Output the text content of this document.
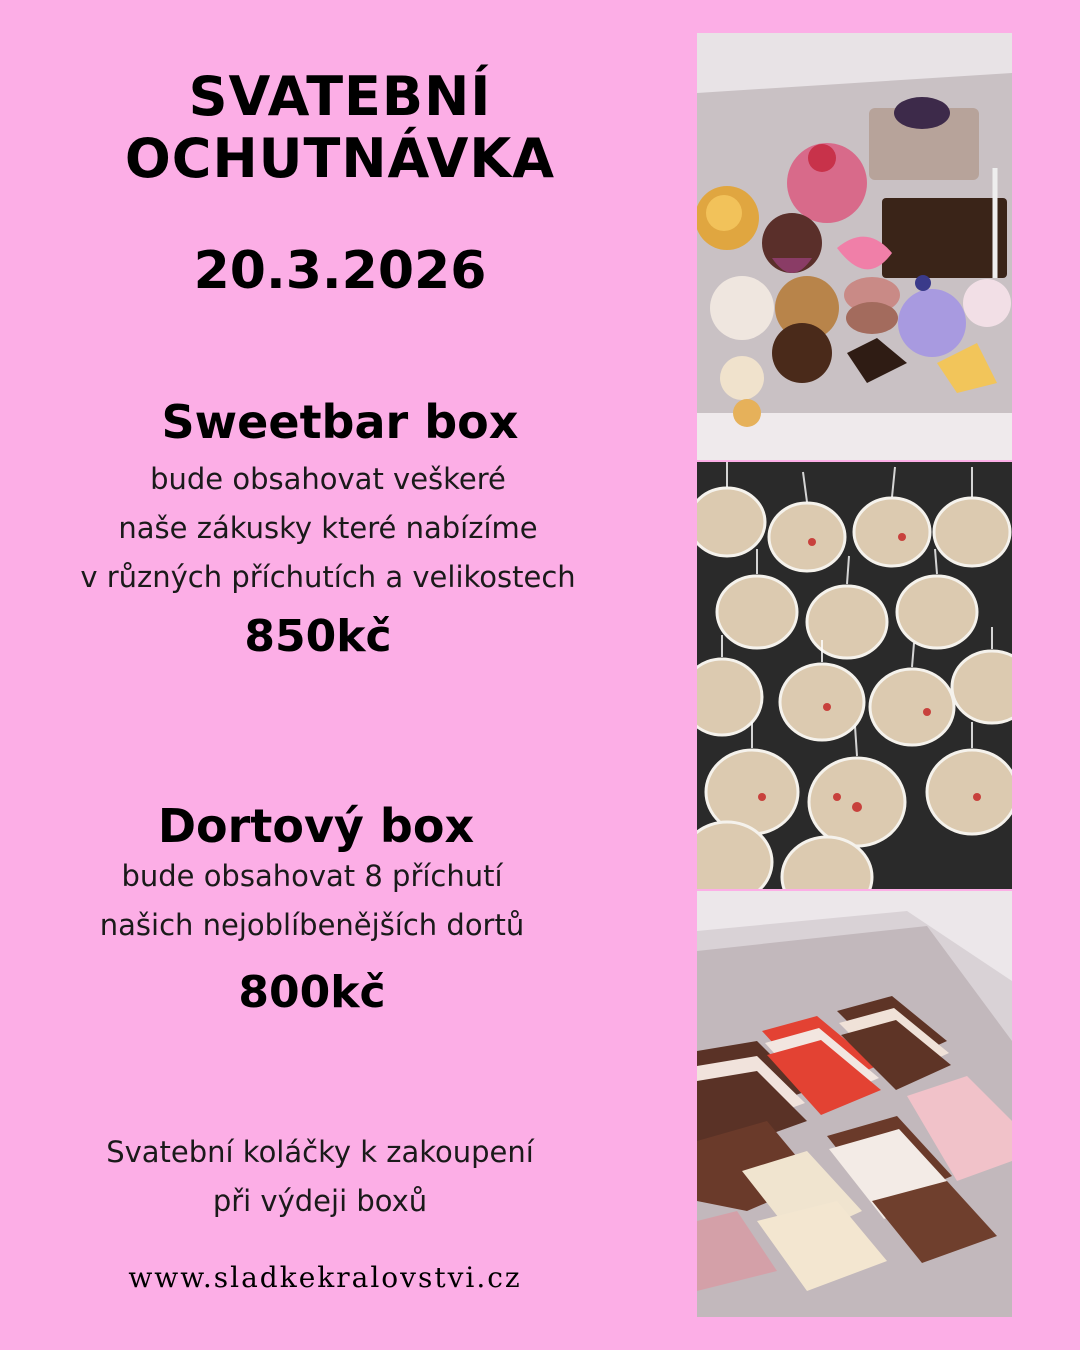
SVATEBNÍ
OCHUTNÁVKA
20.3.2026
Sweetbar box
bude obsahovat veškeré
naše zákusky které nabízíme
v různých příchutích a velikostech
850kč
Dortový box
bude obsahovat 8 příchutí
našich nejoblíbenějších dortů
800kč
Svatební koláčky k zakoupení
při výdeji boxů
www.sladkekralovstvi.cz
